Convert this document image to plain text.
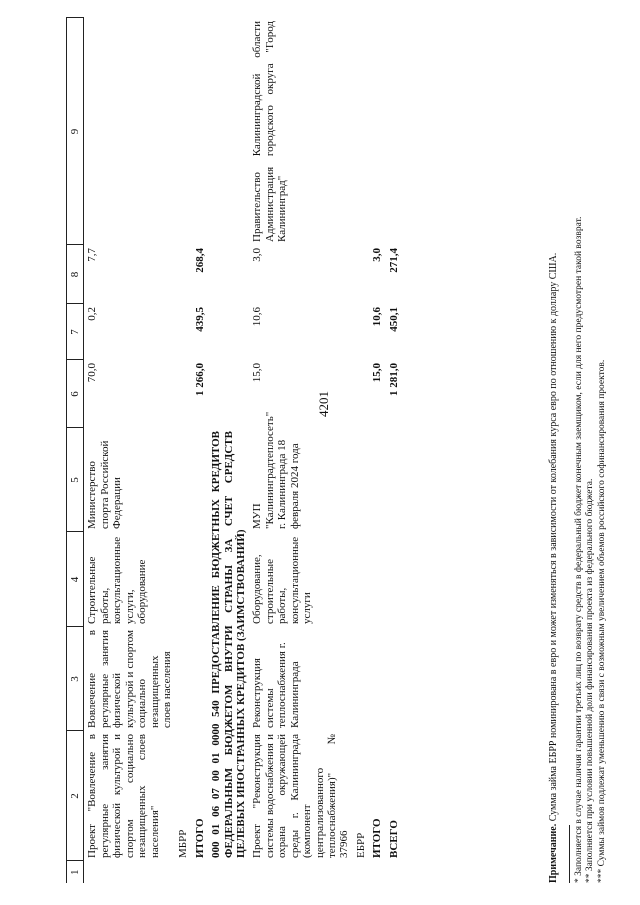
4201
1	2	3	4	5	6	7	8	9
	Проект "Вовлечение в регулярные занятия физической культурой и спортом социально незащищенных слоев населения"	Вовлечение в регулярные занятия физической культурой и спортом социально незащищенных слоев населения	Строительные работы, консультационные услуги, оборудование	Министерство спорта Российской Федерации	70,0	0,2	7,7	
	МБРР							
	ИТОГО				1 266,0	439,5	268,4	
	000 01 06 07 00 01 0000 540 ПРЕДОСТАВЛЕНИЕ БЮДЖЕТНЫХ КРЕДИТОВ ФЕДЕРАЛЬНЫМ БЮДЖЕТОМ ВНУТРИ СТРАНЫ ЗА СЧЕТ СРЕДСТВ ЦЕЛЕВЫХ ИНОСТРАННЫХ КРЕДИТОВ (ЗАИМСТВОВАНИЙ)							
	Проект "Реконструкция системы водоснабжения и охрана окружающей среды г. Калининграда (компонент централизованного теплоснабжения)" № 37966	Реконструкция системы теплоснабжения г. Калининграда	Оборудование, строительные работы, консультационные услуги	МУП "Калининградтеплосеть" г. Калининграда 18 февраля 2024 года	15,0	10,6	3,0	Правительство Калининградской области Администрация городского округа "Город Калининград"
	ЕБРР							
	ИТОГО				15,0	10,6	3,0	
	ВСЕГО				1 281,0	450,1	271,4	
Примечание. Сумма займа ЕБРР номинирована в евро и может изменяться в зависимости от колебания курса евро по отношению к доллару США. * Заполняется в случае наличия гарантии третьих лиц по возврату средств в федеральный бюджет конечным заемщиком, если для него предусмотрен такой возврат. ** Заполняется при условии повышенной доли финансирования проекта из федерального бюджета. *** Суммы займов подлежат уменьшению в связи с возможным увеличением объемов российского софинансирования проектов.
